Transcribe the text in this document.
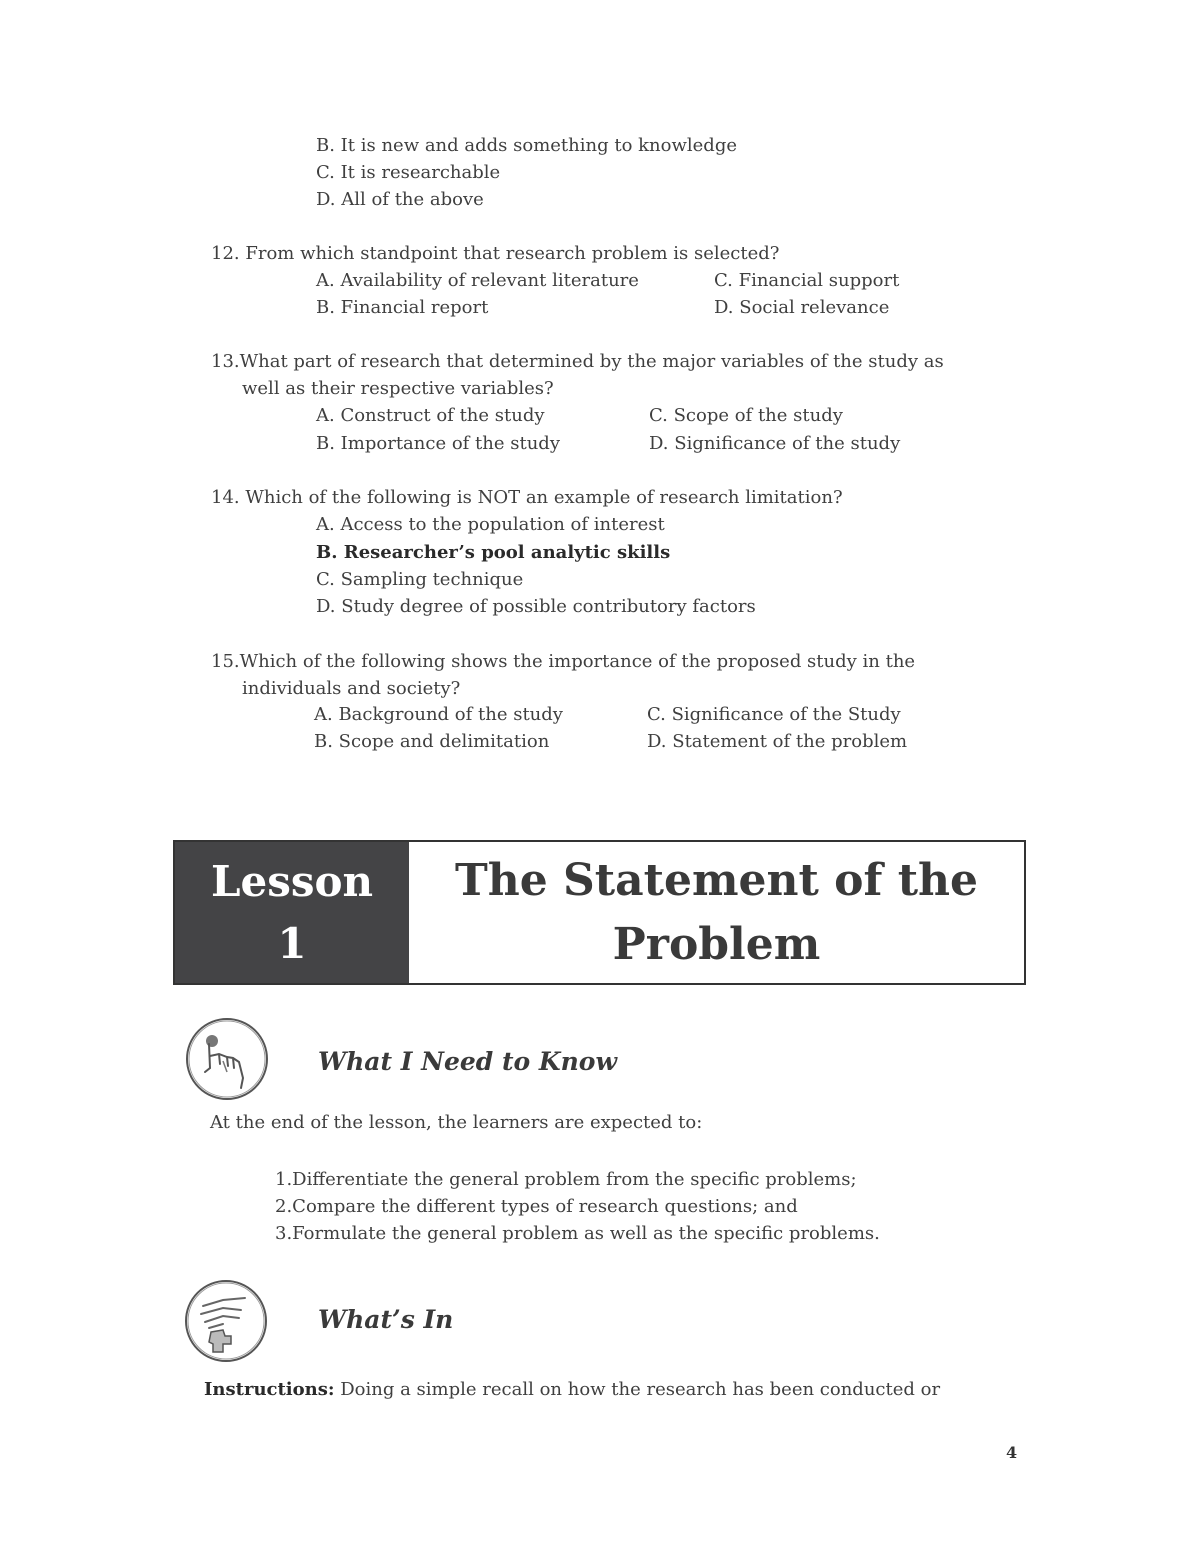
B. It is new and adds something to knowledge
C. It is researchable
D. All of the above
12. From which standpoint that research problem is selected?
A. Availability of relevant literature	C. Financial support
B. Financial report	D. Social relevance
13.What part of research that determined by the major variables of the study as
well as their respective variables?
A. Construct of the study	C. Scope of the study
B. Importance of the study	D. Significance of the study
14. Which of the following is NOT an example of research limitation?
A. Access to the population of interest
B. Researcher’s pool analytic skills
C. Sampling technique
D. Study degree of possible contributory factors
15.Which of the following shows the importance of the proposed study in the
individuals and society?
A. Background of the study	C. Significance of the Study
B. Scope and delimitation	D. Statement of the problem
Lesson
1
The Statement of the
Problem
What I Need to Know
At the end of the lesson, the learners are expected to:
1.Differentiate the general problem from the specific problems;
2.Compare the different types of research questions; and
3.Formulate the general problem as well as the specific problems.
What’s In
Instructions: Doing a simple recall on how the research has been conducted or
4
